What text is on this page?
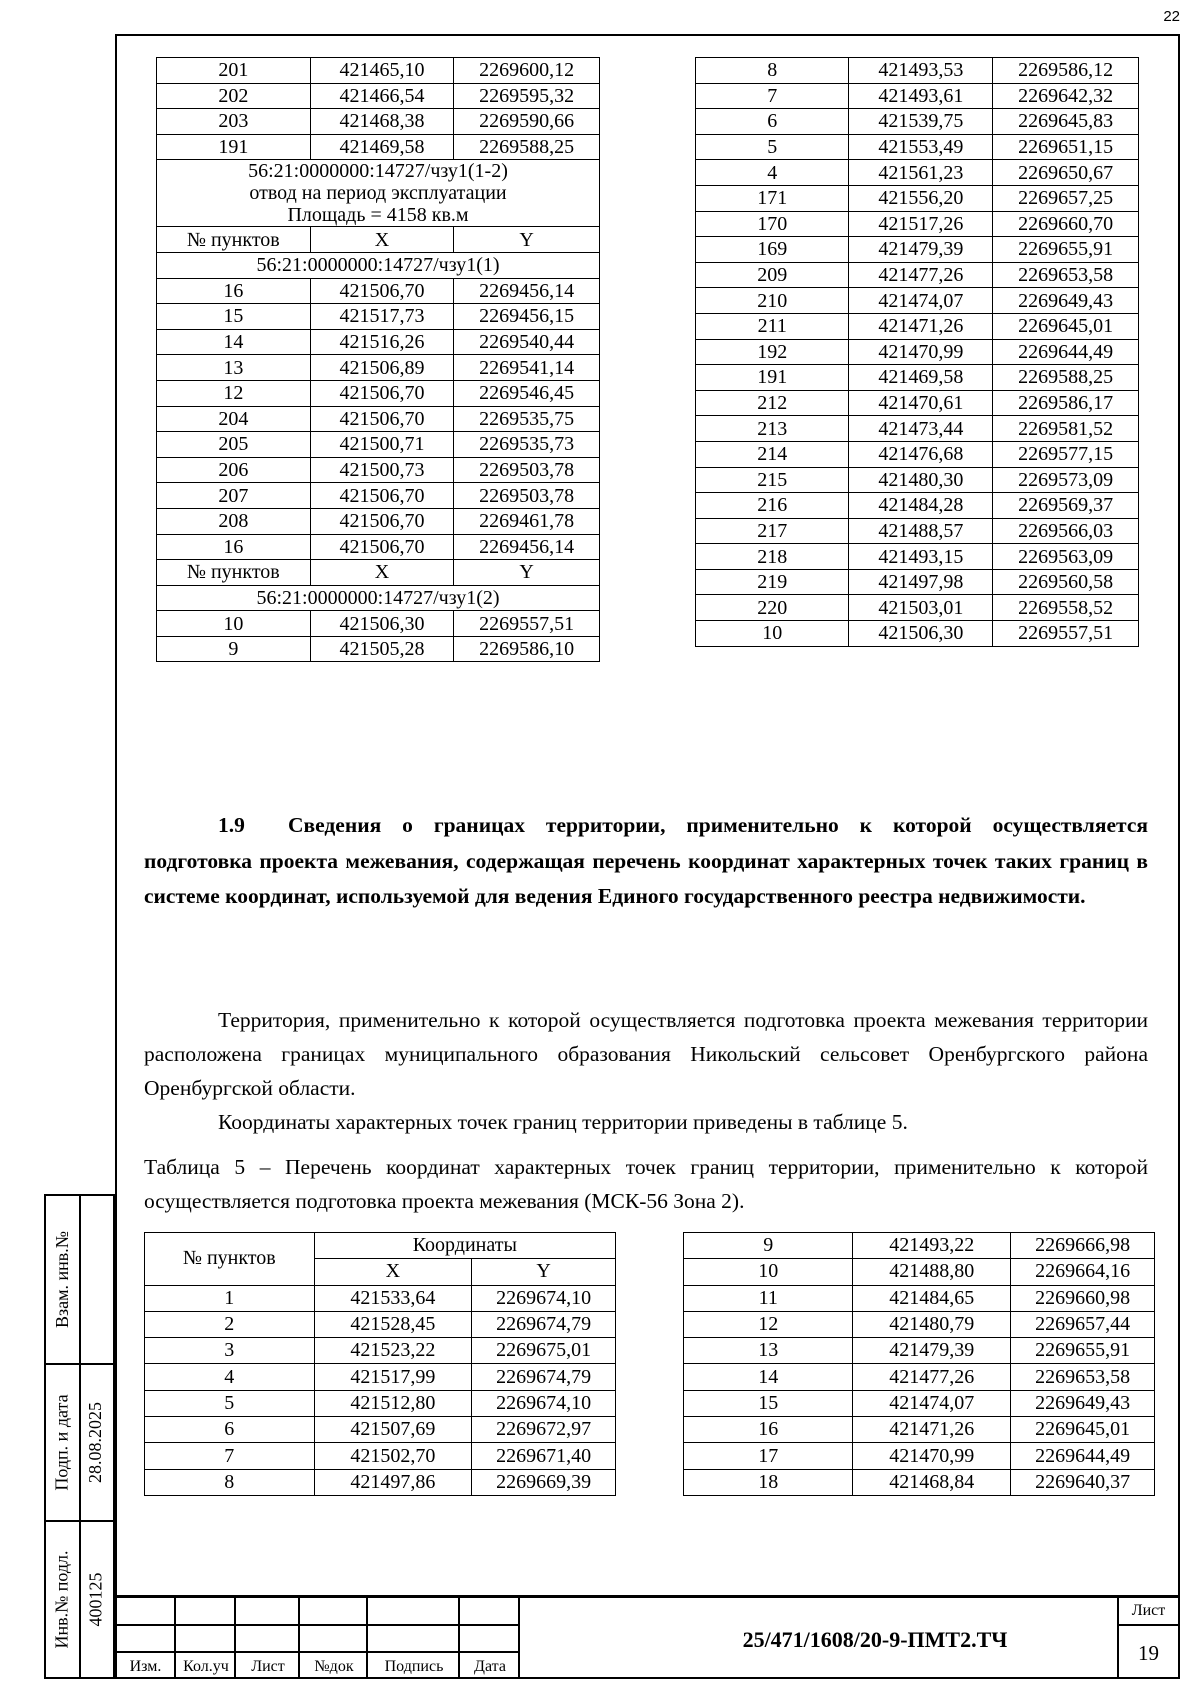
22
201	421465,10	2269600,12
202	421466,54	2269595,32
203	421468,38	2269590,66
191	421469,58	2269588,25

56:21:0000000:14727/чзу1(1-2)
отвод на период эксплуатации
Площадь = 4158 кв.м		

№ пунктов	X	Y
56:21:0000000:14727/чзу1(1)		
16	421506,70	2269456,14
15	421517,73	2269456,15
14	421516,26	2269540,44
13	421506,89	2269541,14
12	421506,70	2269546,45
204	421506,70	2269535,75
205	421500,71	2269535,73
206	421500,73	2269503,78
207	421506,70	2269503,78
208	421506,70	2269461,78
16	421506,70	2269456,14
№ пунктов	X	Y
56:21:0000000:14727/чзу1(2)		
10	421506,30	2269557,51
9	421505,28	2269586,10
8	421493,53	2269586,12
7	421493,61	2269642,32
6	421539,75	2269645,83
5	421553,49	2269651,15
4	421561,23	2269650,67
171	421556,20	2269657,25
170	421517,26	2269660,70
169	421479,39	2269655,91
209	421477,26	2269653,58
210	421474,07	2269649,43
211	421471,26	2269645,01
192	421470,99	2269644,49
191	421469,58	2269588,25
212	421470,61	2269586,17
213	421473,44	2269581,52
214	421476,68	2269577,15
215	421480,30	2269573,09
216	421484,28	2269569,37
217	421488,57	2269566,03
218	421493,15	2269563,09
219	421497,98	2269560,58
220	421503,01	2269558,52
10	421506,30	2269557,51
1.9 Сведения о границах территории, применительно к которой осуществляется подготовка проекта межевания, содержащая перечень координат характерных точек таких границ в системе координат, используемой для ведения Единого государственного реестра недвижимости.
Территория, применительно к которой осуществляется подготовка проекта межевания территории расположена границах муниципального образования Никольский сельсовет Оренбургского района Оренбургской области.
Координаты характерных точек границ территории приведены в таблице 5.
Таблица 5 – Перечень координат характерных точек границ территории, применительно к которой осуществляется подготовка проекта межевания (МСК-56 Зона 2).
№ пунктов	Координаты	
	X	Y
1	421533,64	2269674,10
2	421528,45	2269674,79
3	421523,22	2269675,01
4	421517,99	2269674,79
5	421512,80	2269674,10
6	421507,69	2269672,97
7	421502,70	2269671,40
8	421497,86	2269669,39
9	421493,22	2269666,98
10	421488,80	2269664,16
11	421484,65	2269660,98
12	421480,79	2269657,44
13	421479,39	2269655,91
14	421477,26	2269653,58
15	421474,07	2269649,43
16	421471,26	2269645,01
17	421470,99	2269644,49
18	421468,84	2269640,37
Взам. инв.№
Подп. и дата 28.08.2025
Инв.№ подл. 400125
Изм.	Кол.уч	Лист	№док	Подпись	Дата
25/471/1608/20-9-ПМТ2.ТЧ
Лист
19
